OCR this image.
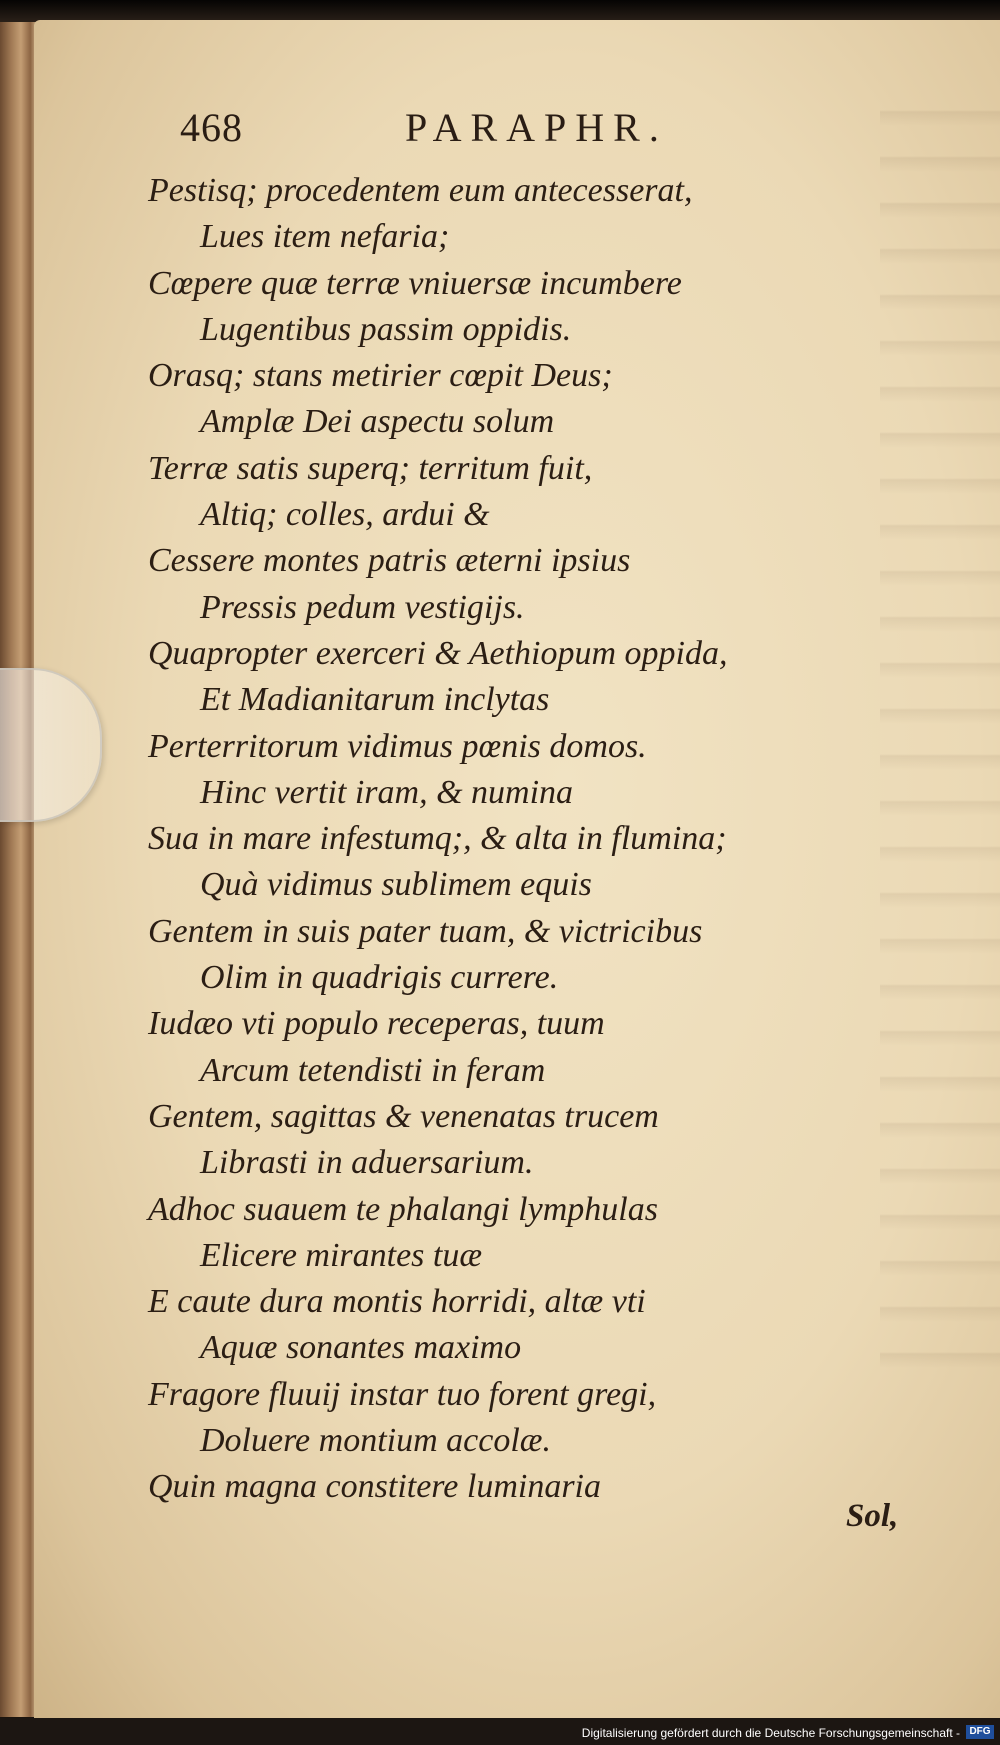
468	PARAPHR.
Pestisq; procedentem eum antecesserat,
Lues item nefaria;
Cœpere quæ terræ vniuersæ incumbere
Lugentibus passim oppidis.
Orasq; stans metirier cœpit Deus;
Amplæ Dei aspectu solum
Terræ satis superq; territum fuit,
Altiq; colles, ardui &
Cessere montes patris æterni ipsius
Pressis pedum vestigijs.
Quapropter exerceri & Aethiopum oppida,
Et Madianitarum inclytas
Perterritorum vidimus pœnis domos.
Hinc vertit iram, & numina
Sua in mare infestumq;, & alta in flumina;
Quà vidimus sublimem equis
Gentem in suis pater tuam, & victricibus
Olim in quadrigis currere.
Iudæo vti populo receperas, tuum
Arcum tetendisti in feram
Gentem, sagittas & venenatas trucem
Librasti in aduersarium.
Adhoc suauem te phalangi lymphulas
Elicere mirantes tuæ
E caute dura montis horridi, altæ vti
Aquæ sonantes maximo
Fragore fluuij instar tuo forent gregi,
Doluere montium accolæ.
Quin magna constitere luminaria
Sol,
Digitalisierung gefördert durch die Deutsche Forschungsgemeinschaft - DFG
